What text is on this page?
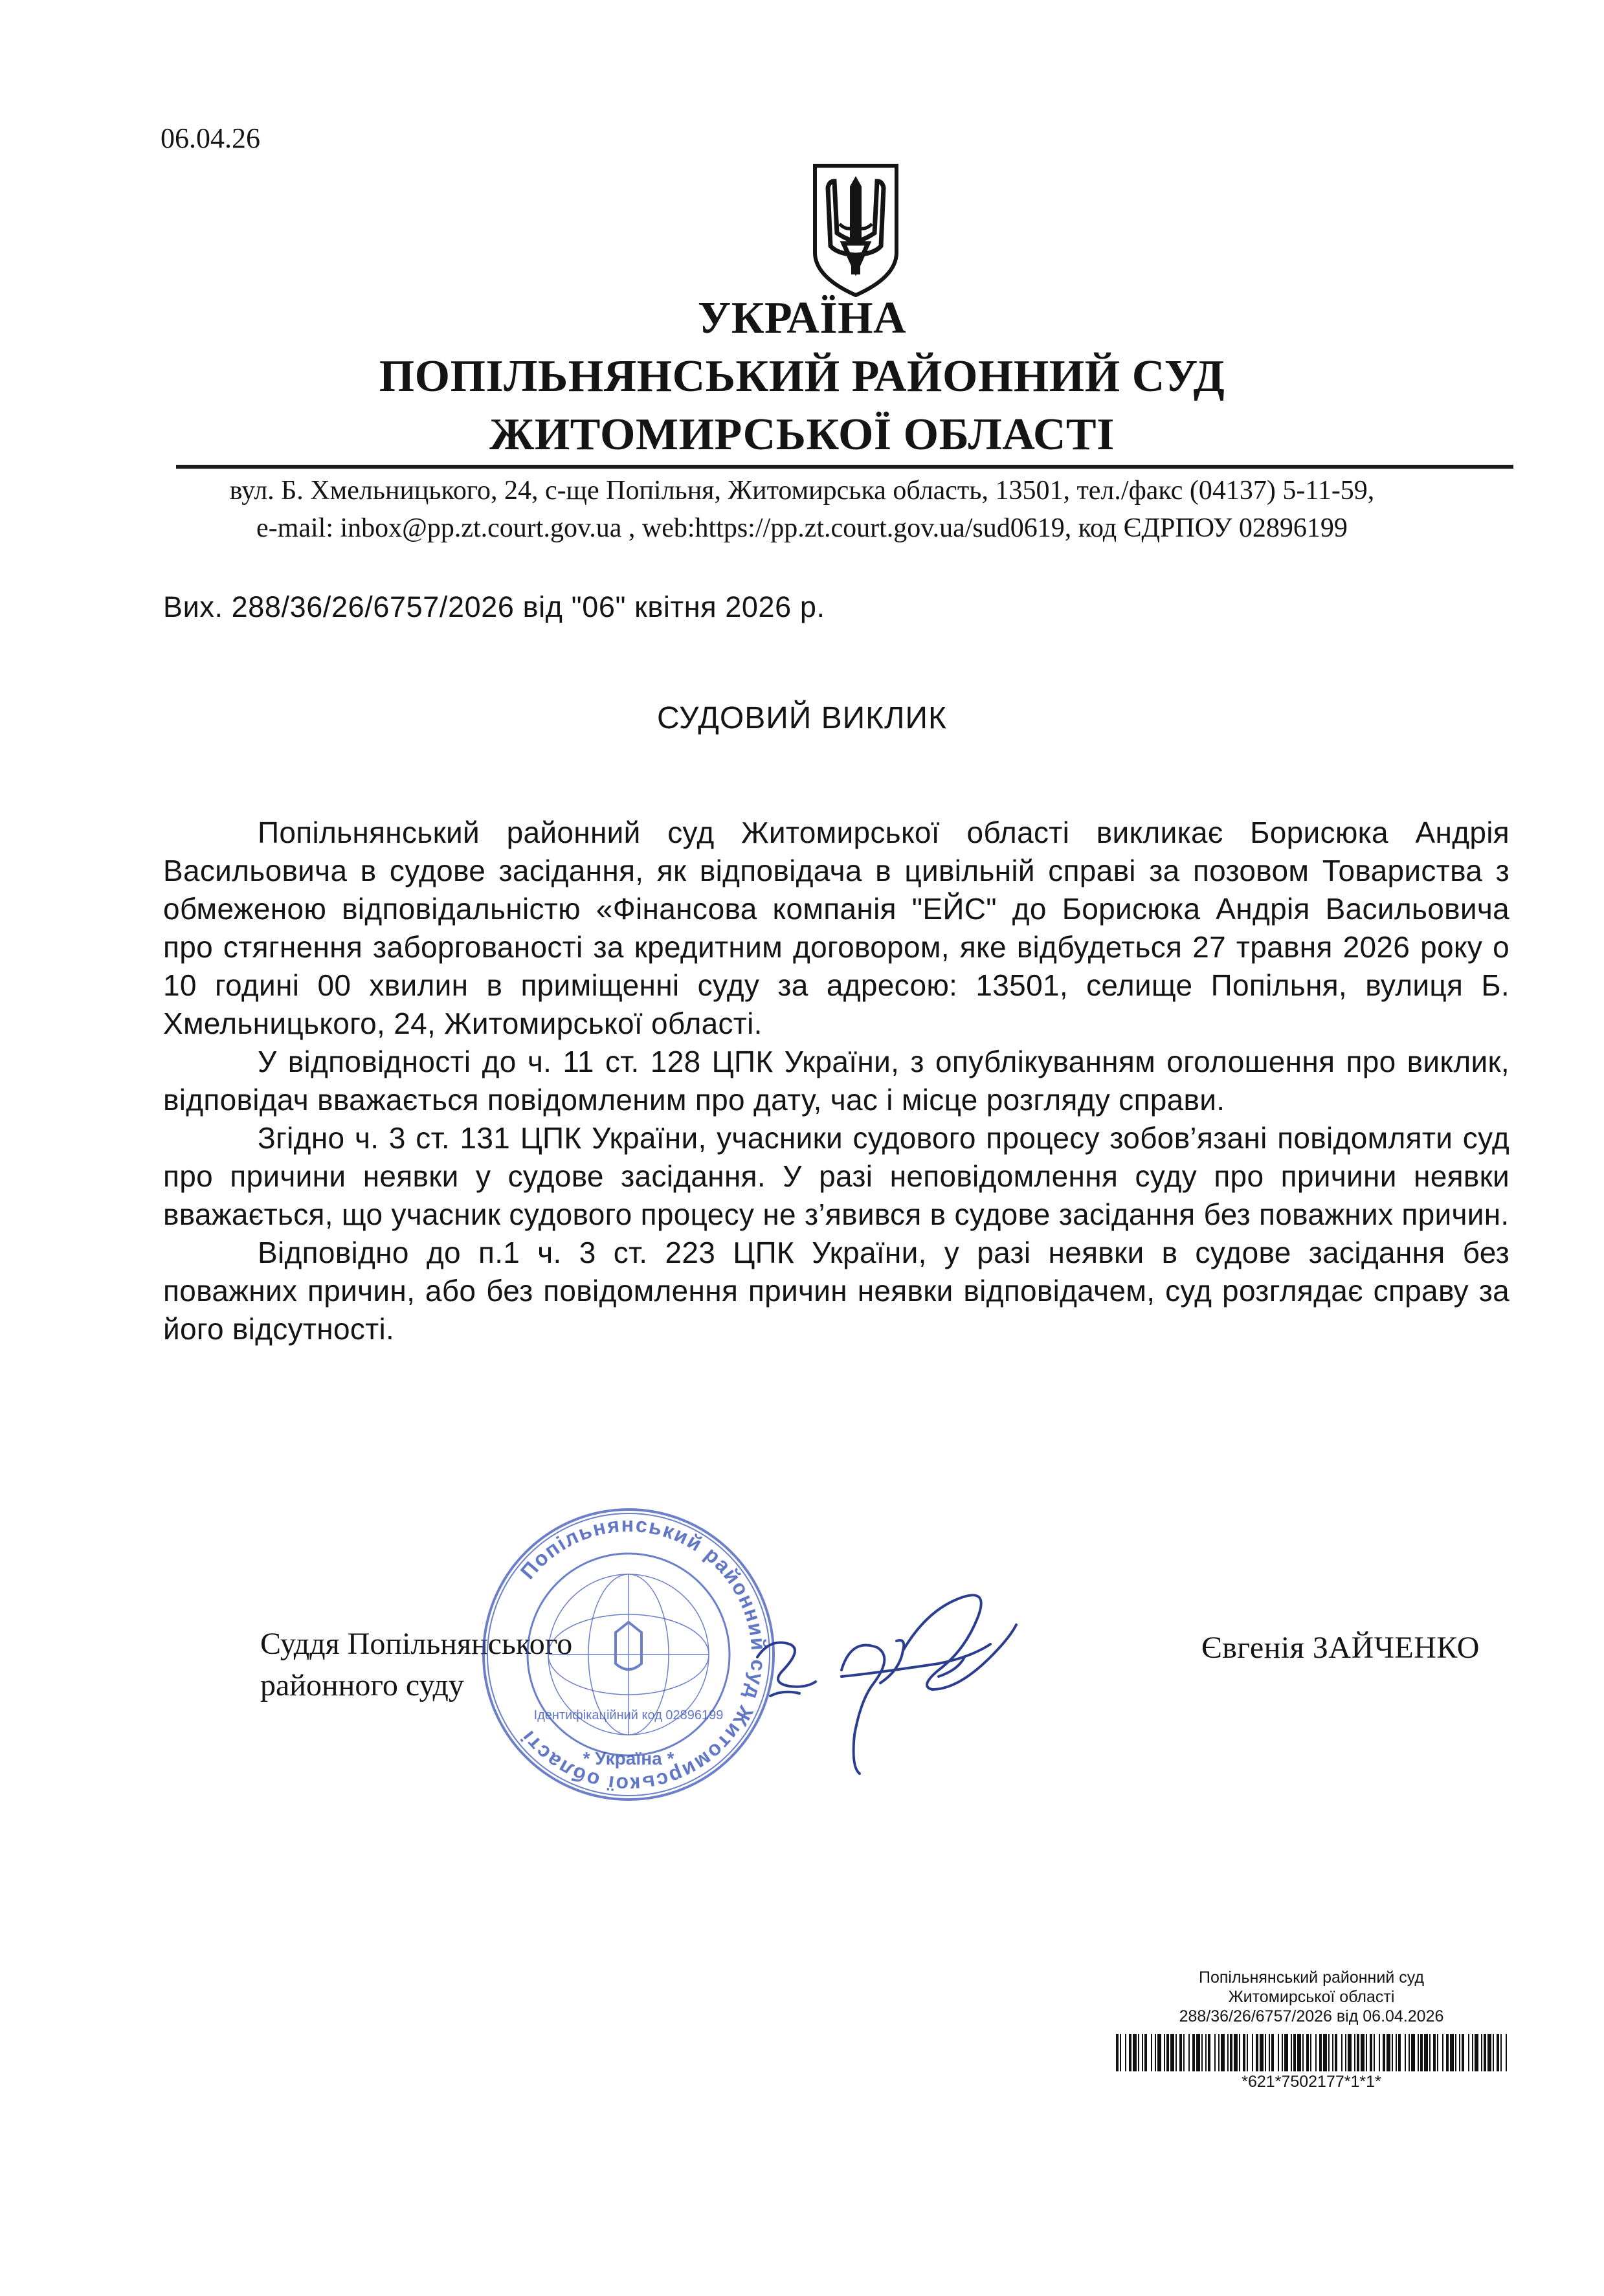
06.04.26
УКРАЇНА
ПОПІЛЬНЯНСЬКИЙ РАЙОННИЙ СУД
ЖИТОМИРСЬКОЇ ОБЛАСТІ
вул. Б. Хмельницького, 24, с-ще Попільня, Житомирська область, 13501, тел./факс (04137) 5-11-59,
e-mail: inbox@pp.zt.court.gov.ua , web:https://pp.zt.court.gov.ua/sud0619, код ЄДРПОУ 02896199
Вих. 288/36/26/6757/2026 від "06" квітня 2026 р.
СУДОВИЙ ВИКЛИК

Попільнянський районний суд Житомирської області викликає Борисюка Андрія Васильовича в судове засідання, як відповідача в цивільній справі за позовом Товариства з обмеженою відповідальністю «Фінансова компанія "ЕЙС" до Борисюка Андрія Васильовича про стягнення заборгованості за кредитним договором, яке відбудеться 27 травня 2026 року о 10 годині 00 хвилин в приміщенні суду за адресою: 13501, селище Попільня, вулиця Б. Хмельницького, 24, Житомирської області.

У відповідності до ч. 11 ст. 128 ЦПК України, з опублікуванням оголошення про виклик, відповідач вважається повідомленим про дату, час і місце розгляду справи.

Згідно ч. 3 ст. 131 ЦПК України, учасники судового процесу зобов’язані повідомляти суд про причини неявки у судове засідання. У разі неповідомлення суду про причини неявки вважається, що учасник судового процесу не з’явився в судове засідання без поважних причин.

Відповідно до п.1 ч. 3 ст. 223 ЦПК України, у разі неявки в судове засідання без поважних причин, або без повідомлення причин неявки відповідачем, суд розглядає справу за його відсутності.

Суддя Попільнянського
районного суду
Попільнянський районний суд Житомирської області
Ідентифікаційний код 02896199
* Україна *
Євгенія ЗАЙЧЕНКО
Попільнянський районний суд
Житомирської області
288/36/26/6757/2026 від 06.04.2026
*621*7502177*1*1*
